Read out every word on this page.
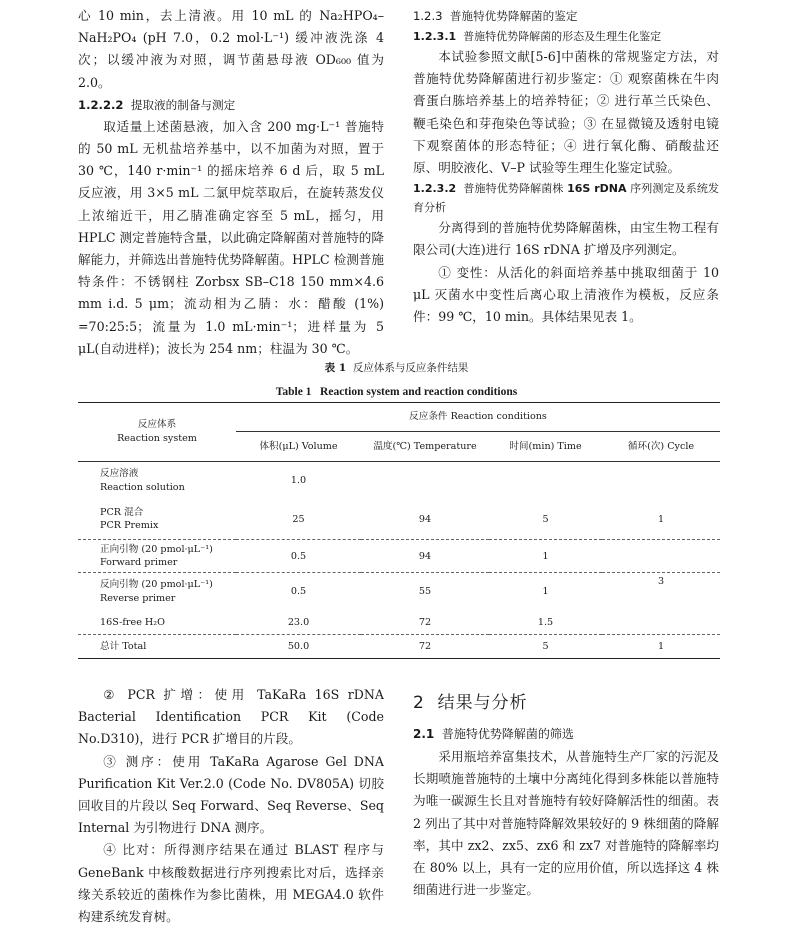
心 10 min，去上清液。用 10 mL 的 Na₂HPO₄–NaH₂PO₄ (pH 7.0，0.2 mol·L⁻¹) 缓冲液洗涤 4 次；以缓冲液为对照，调节菌悬母液 OD₆₀₀ 值为 2.0。

1.2.2.2 提取液的制备与测定

取适量上述菌悬液，加入含 200 mg·L⁻¹ 普施特的 50 mL 无机盐培养基中，以不加菌为对照，置于 30 ℃，140 r·min⁻¹ 的摇床培养 6 d 后，取 5 mL 反应液，用 3×5 mL 二氯甲烷萃取后，在旋转蒸发仪上浓缩近干，用乙腈准确定容至 5 mL，摇匀，用 HPLC 测定普施特含量，以此确定降解菌对普施特的降解能力，并筛选出普施特优势降解菌。HPLC 检测普施特条件：不锈钢柱 Zorbsx SB–C18 150 mm×4.6 mm i.d. 5 μm；流动相为乙腈：水：醋酸 (1%) =70:25:5；流量为 1.0 mL·min⁻¹；进样量为 5 μL(自动进样)；波长为 254 nm；柱温为 30 ℃。

1.2.3 普施特优势降解菌的鉴定

1.2.3.1 普施特优势降解菌的形态及生理生化鉴定

本试验参照文献[5-6]中菌株的常规鉴定方法，对普施特优势降解菌进行初步鉴定：① 观察菌株在牛肉膏蛋白胨培养基上的培养特征；② 进行革兰氏染色、鞭毛染色和芽孢染色等试验；③ 在显微镜及透射电镜下观察菌体的形态特征；④ 进行氧化酶、硝酸盐还原、明胶液化、V–P 试验等生理生化鉴定试验。

1.2.3.2 普施特优势降解菌株 16S rDNA 序列测定及系统发育分析

分离得到的普施特优势降解菌株，由宝生物工程有限公司(大连)进行 16S rDNA 扩增及序列测定。

① 变性：从活化的斜面培养基中挑取细菌于 10 μL 灭菌水中变性后离心取上清液作为模板，反应条件：99 ℃，10 min。具体结果见表 1。

表 1 反应体系与反应条件结果
Table 1 Reaction system and reaction conditions
反应体系
Reaction system	反应条件 Reaction conditions			
	体积(μL) Volume	温度(℃) Temperature	时间(min) Time	循环(次) Cycle

反应溶液
Reaction solution	1.0			

PCR 混合
PCR Premix	25	94	5	1

正向引物 (20 pmol·μL⁻¹)
Forward primer	0.5	94	1	

反向引物 (20 pmol·μL⁻¹)
Reverse primer	0.5	55	1	3

16S-free H₂O	23.0	72	1.5	

总计 Total	50.0	72	5	1

② PCR 扩增：使用 TaKaRa 16S rDNA Bacterial Identification PCR Kit (Code No.D310)，进行 PCR 扩增目的片段。

③ 测序：使用 TaKaRa Agarose Gel DNA Purification Kit Ver.2.0 (Code No. DV805A) 切胶回收目的片段以 Seq Forward、Seq Reverse、Seq Internal 为引物进行 DNA 测序。

④ 比对：所得测序结果在通过 BLAST 程序与 GeneBank 中核酸数据进行序列搜索比对后，选择亲缘关系较近的菌株作为参比菌株，用 MEGA4.0 软件构建系统发育树。

2 结果与分析

2.1 普施特优势降解菌的筛选

采用瓶培养富集技术，从普施特生产厂家的污泥及长期喷施普施特的土壤中分离纯化得到多株能以普施特为唯一碳源生长且对普施特有较好降解活性的细菌。表 2 列出了其中对普施特降解效果较好的 9 株细菌的降解率，其中 zx2、zx5、zx6 和 zx7 对普施特的降解率均在 80% 以上，具有一定的应用价值，所以选择这 4 株细菌进行进一步鉴定。
